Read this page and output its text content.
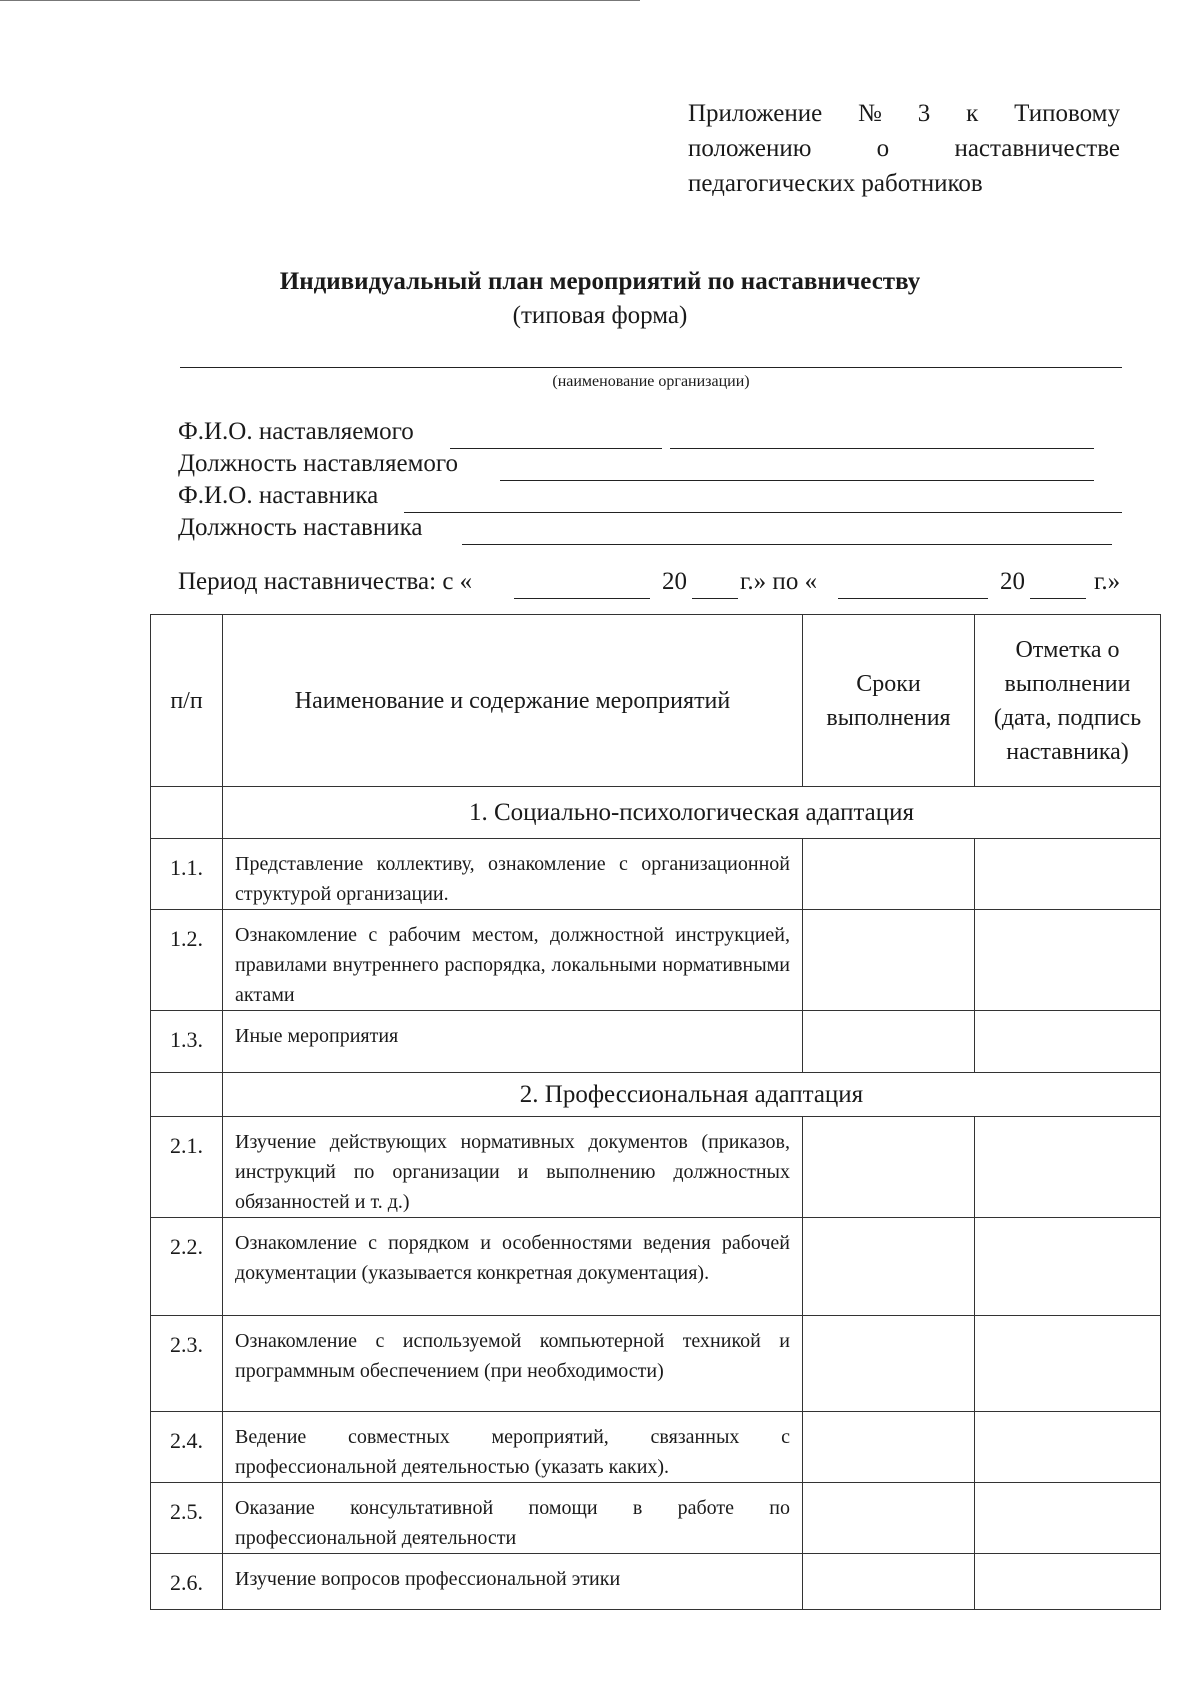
Приложение № 3 к Типовому
положению	о	наставничестве
педагогических работников
Индивидуальный план мероприятий по наставничеству
(типовая форма)
(наименование организации)
Ф.И.О. наставляемого
Должность наставляемого
Ф.И.О. наставника
Должность наставника
Период наставничества: с «	20 г.» по «	20	г.»
п/п	Наименование и содержание мероприятий	Сроки выполнения	Отметка о выполнении (дата, подпись наставника)
	1. Социально-психологическая адаптация		
1.1.	Представление коллективу, ознакомление с организационной структурой организации.		
1.2.	Ознакомление с рабочим местом, должностной инструкцией, правилами внутреннего распорядка, локальными нормативными актами		
1.3.	Иные мероприятия		
	2. Профессиональная адаптация		
2.1.	Изучение действующих нормативных документов (приказов, инструкций по организации и выполнению должностных обязанностей и т. д.)		
2.2.	Ознакомление с порядком и особенностями ведения рабочей документации (указывается конкретная документация).		
2.3.	Ознакомление с используемой компьютерной техникой и программным обеспечением (при необходимости)		
2.4.	Ведение совместных мероприятий, связанных с профессиональной деятельностью (указать каких).		
2.5.	Оказание консультативной помощи в работе по профессиональной деятельности		
2.6.	Изучение вопросов профессиональной этики		
